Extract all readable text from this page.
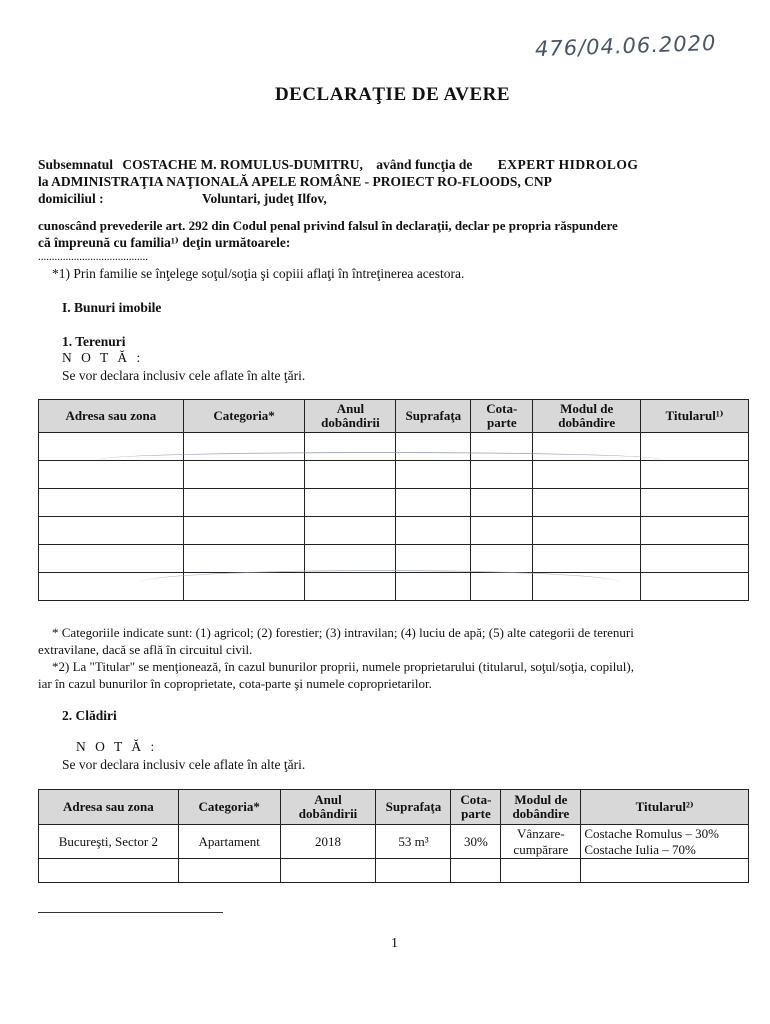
476/04.06.2020
DECLARAŢIE DE AVERE
Subsemnatul COSTACHE M. ROMULUS-DUMITRU, având funcţia de EXPERT HIDROLOG
la ADMINISTRAŢIA NAŢIONALĂ APELE ROMÂNE - PROIECT RO-FLOODS, CNP
domiciliul :	Voluntari, judeţ Ilfov,
cunoscând prevederile art. 292 din Codul penal privind falsul în declaraţii, declar pe propria răspundere
că împreună cu familia¹⁾ deţin următoarele:
........................................
*1) Prin familie se înţelege soţul/soţia şi copiii aflaţi în întreţinerea acestora.
I. Bunuri imobile
1. Terenuri
N O T Ă :
Se vor declara inclusiv cele aflate în alte ţări.
Adresa sau zona	Categoria*	Anul dobândirii	Suprafaţa	Cota-parte	Modul de dobândire	Titularul¹⁾

* Categoriile indicate sunt: (1) agricol; (2) forestier; (3) intravilan; (4) luciu de apă; (5) alte categorii de terenuri
extravilane, dacă se află în circuitul civil.
*2) La "Titular" se menţionează, în cazul bunurilor proprii, numele proprietarului (titularul, soţul/soţia, copilul),
iar în cazul bunurilor în coproprietate, cota-parte şi numele coproprietarilor.
2. Clădiri
N O T Ă :
Se vor declara inclusiv cele aflate în alte ţări.
Adresa sau zona	Categoria*	Anul dobândirii	Suprafaţa	Cota-parte	Modul de dobândire	Titularul²⁾
Bucureşti, Sector 2	Apartament	2018	53 m³	30%	Vânzare-cumpărare	Costache Romulus – 30%
Costache Iulia – 70%

1
